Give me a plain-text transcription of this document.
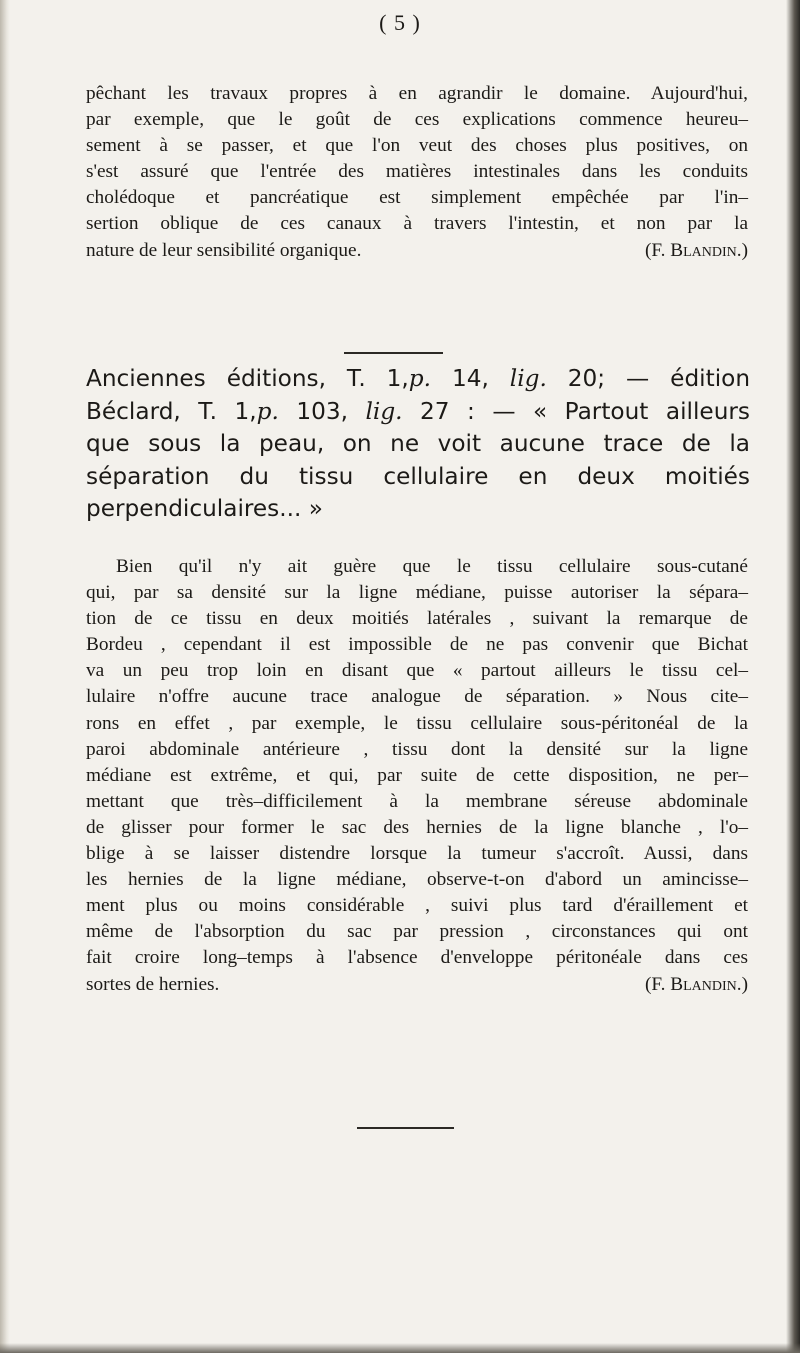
( 5 )
pêchant les travaux propres à en agrandir le domaine. Aujourd'hui,
par exemple, que le goût de ces explications commence heureu–
sement à se passer, et que l'on veut des choses plus positives, on
s'est assuré que l'entrée des matières intestinales dans les conduits
cholédoque et pancréatique est simplement empêchée par l'in–
sertion oblique de ces canaux à travers l'intestin, et non par la
nature de leur sensibilité organique.	(F. Blandin.)
Anciennes éditions, T. 1,p. 14, lig. 20; — édition
Béclard, T. 1,p. 103, lig. 27 : — « Partout ailleurs
que sous la peau, on ne voit aucune trace de la
séparation du tissu cellulaire en deux moitiés
perpendiculaires... »
Bien qu'il n'y ait guère que le tissu cellulaire sous-cutané
qui, par sa densité sur la ligne médiane, puisse autoriser la sépara–
tion de ce tissu en deux moitiés latérales , suivant la remarque de
Bordeu , cependant il est impossible de ne pas convenir que Bichat
va un peu trop loin en disant que « partout ailleurs le tissu cel–
lulaire n'offre aucune trace analogue de séparation. » Nous cite–
rons en effet , par exemple, le tissu cellulaire sous-péritonéal de la
paroi abdominale antérieure , tissu dont la densité sur la ligne
médiane est extrême, et qui, par suite de cette disposition, ne per–
mettant que très–difficilement à la membrane séreuse abdominale
de glisser pour former le sac des hernies de la ligne blanche , l'o–
blige à se laisser distendre lorsque la tumeur s'accroît. Aussi, dans
les hernies de la ligne médiane, observe-t-on d'abord un amincisse–
ment plus ou moins considérable , suivi plus tard d'éraillement et
même de l'absorption du sac par pression , circonstances qui ont
fait croire long–temps à l'absence d'enveloppe péritonéale dans ces
sortes de hernies.	(F. Blandin.)
